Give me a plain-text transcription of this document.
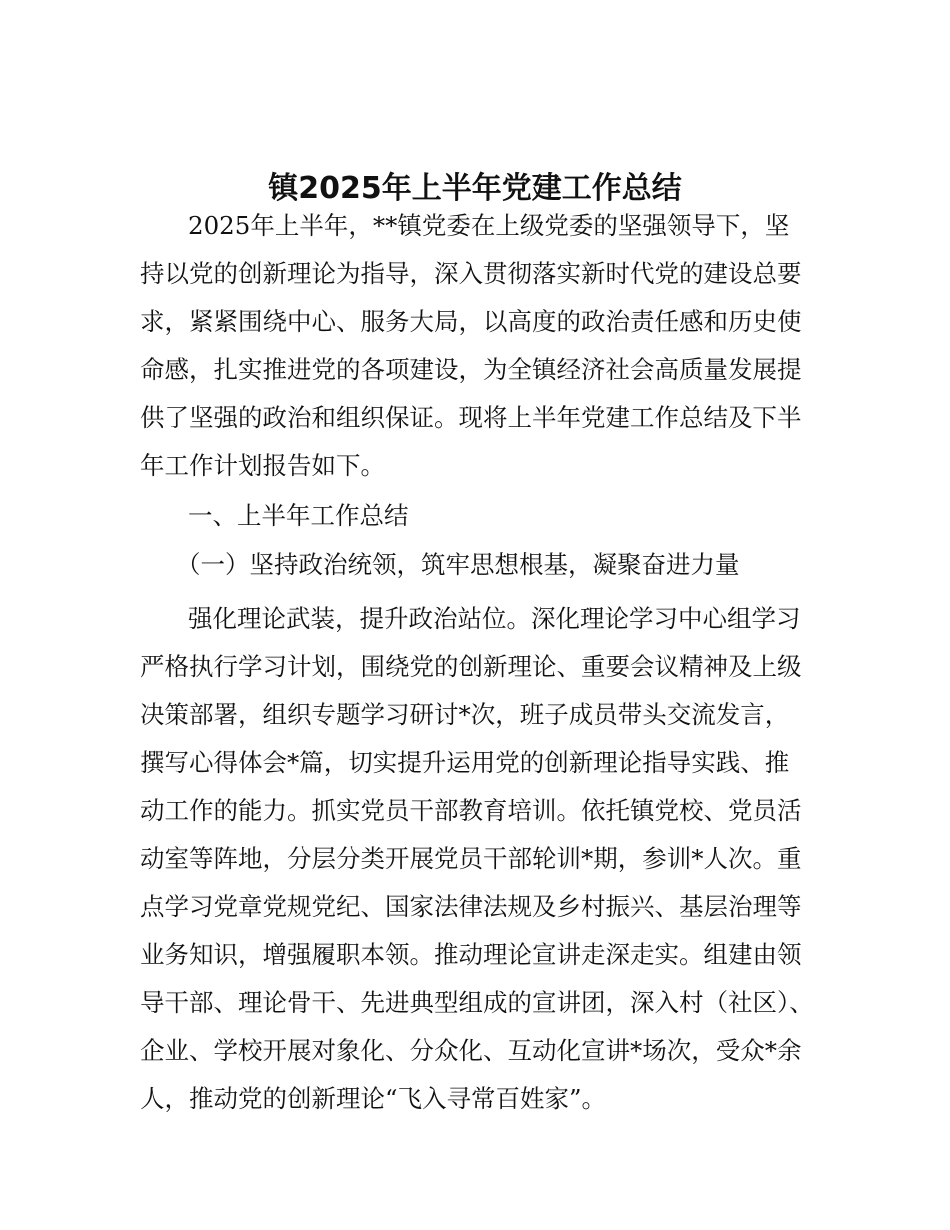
镇2025年上半年党建工作总结
2025年上半年，**镇党委在上级党委的坚强领导下，坚
持以党的创新理论为指导，深入贯彻落实新时代党的建设总要
求，紧紧围绕中心、服务大局，以高度的政治责任感和历史使
命感，扎实推进党的各项建设，为全镇经济社会高质量发展提
供了坚强的政治和组织保证。现将上半年党建工作总结及下半
年工作计划报告如下。
一、上半年工作总结
（一）坚持政治统领，筑牢思想根基，凝聚奋进力量
强化理论武装，提升政治站位。深化理论学习中心组学习
严格执行学习计划，围绕党的创新理论、重要会议精神及上级
决策部署，组织专题学习研讨*次，班子成员带头交流发言，
撰写心得体会*篇，切实提升运用党的创新理论指导实践、推
动工作的能力。抓实党员干部教育培训。依托镇党校、党员活
动室等阵地，分层分类开展党员干部轮训*期，参训*人次。重
点学习党章党规党纪、国家法律法规及乡村振兴、基层治理等
业务知识，增强履职本领。推动理论宣讲走深走实。组建由领
导干部、理论骨干、先进典型组成的宣讲团，深入村（社区）、
企业、学校开展对象化、分众化、互动化宣讲*场次，受众*余
人，推动党的创新理论“飞入寻常百姓家”。
